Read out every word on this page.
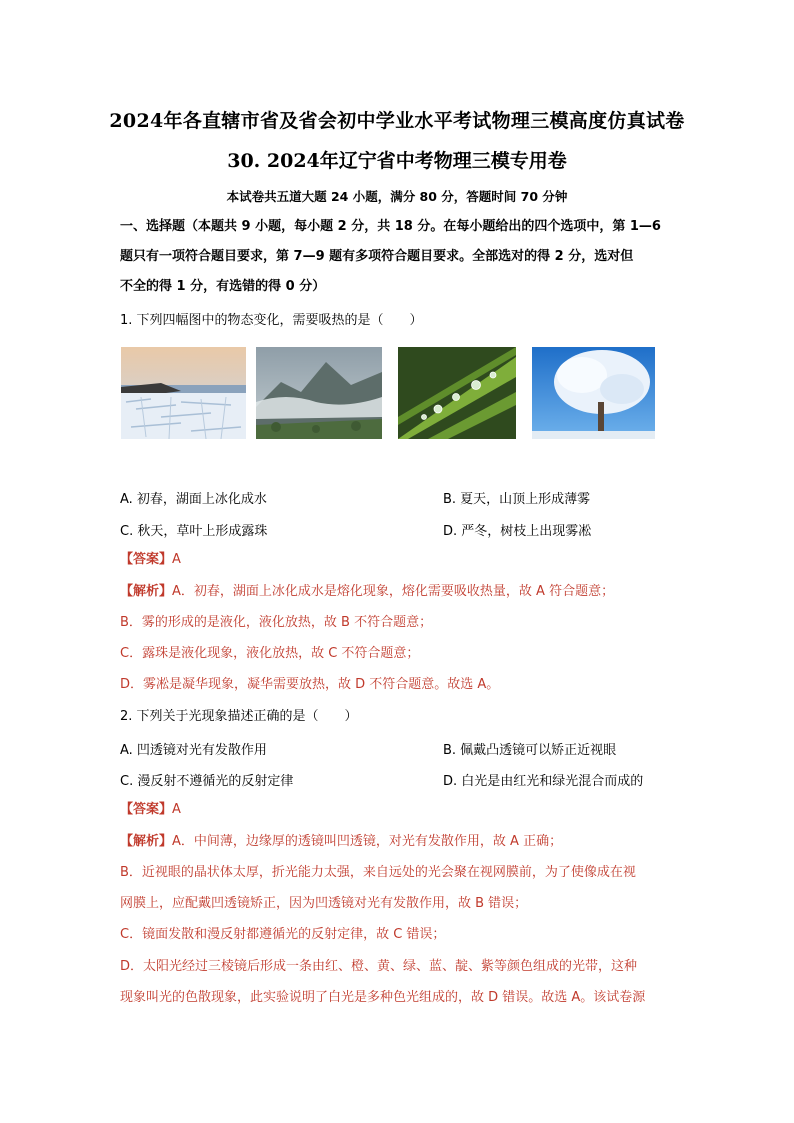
2024年各直辖市省及省会初中学业水平考试物理三模高度仿真试卷
30. 2024年辽宁省中考物理三模专用卷
本试卷共五道大题 24 小题，满分 80 分，答题时间 70 分钟
一、选择题（本题共 9 小题，每小题 2 分，共 18 分。在每小题给出的四个选项中，第 1—6
题只有一项符合题目要求，第 7—9 题有多项符合题目要求。全部选对的得 2 分，选对但
不全的得 1 分，有选错的得 0 分）
1. 下列四幅图中的物态变化，需要吸热的是（　　）
A. 初春，湖面上冰化成水	B. 夏天，山顶上形成薄雾
C. 秋天，草叶上形成露珠	D. 严冬，树枝上出现雾凇
【答案】A
【解析】A．初春，湖面上冰化成水是熔化现象，熔化需要吸收热量，故 A 符合题意；
B．雾的形成的是液化，液化放热，故 B 不符合题意；
C．露珠是液化现象，液化放热，故 C 不符合题意；
D．雾凇是凝华现象，凝华需要放热，故 D 不符合题意。故选 A。
2. 下列关于光现象描述正确的是（　　）
A. 凹透镜对光有发散作用	B. 佩戴凸透镜可以矫正近视眼
C. 漫反射不遵循光的反射定律	D. 白光是由红光和绿光混合而成的
【答案】A
【解析】A．中间薄，边缘厚的透镜叫凹透镜，对光有发散作用，故 A 正确；
B．近视眼的晶状体太厚，折光能力太强，来自远处的光会聚在视网膜前，为了使像成在视
网膜上，应配戴凹透镜矫正，因为凹透镜对光有发散作用，故 B 错误；
C．镜面发散和漫反射都遵循光的反射定律，故 C 错误；
D．太阳光经过三棱镜后形成一条由红、橙、黄、绿、蓝、靛、紫等颜色组成的光带，这种
现象叫光的色散现象，此实验说明了白光是多种色光组成的，故 D 错误。故选 A。该试卷源
